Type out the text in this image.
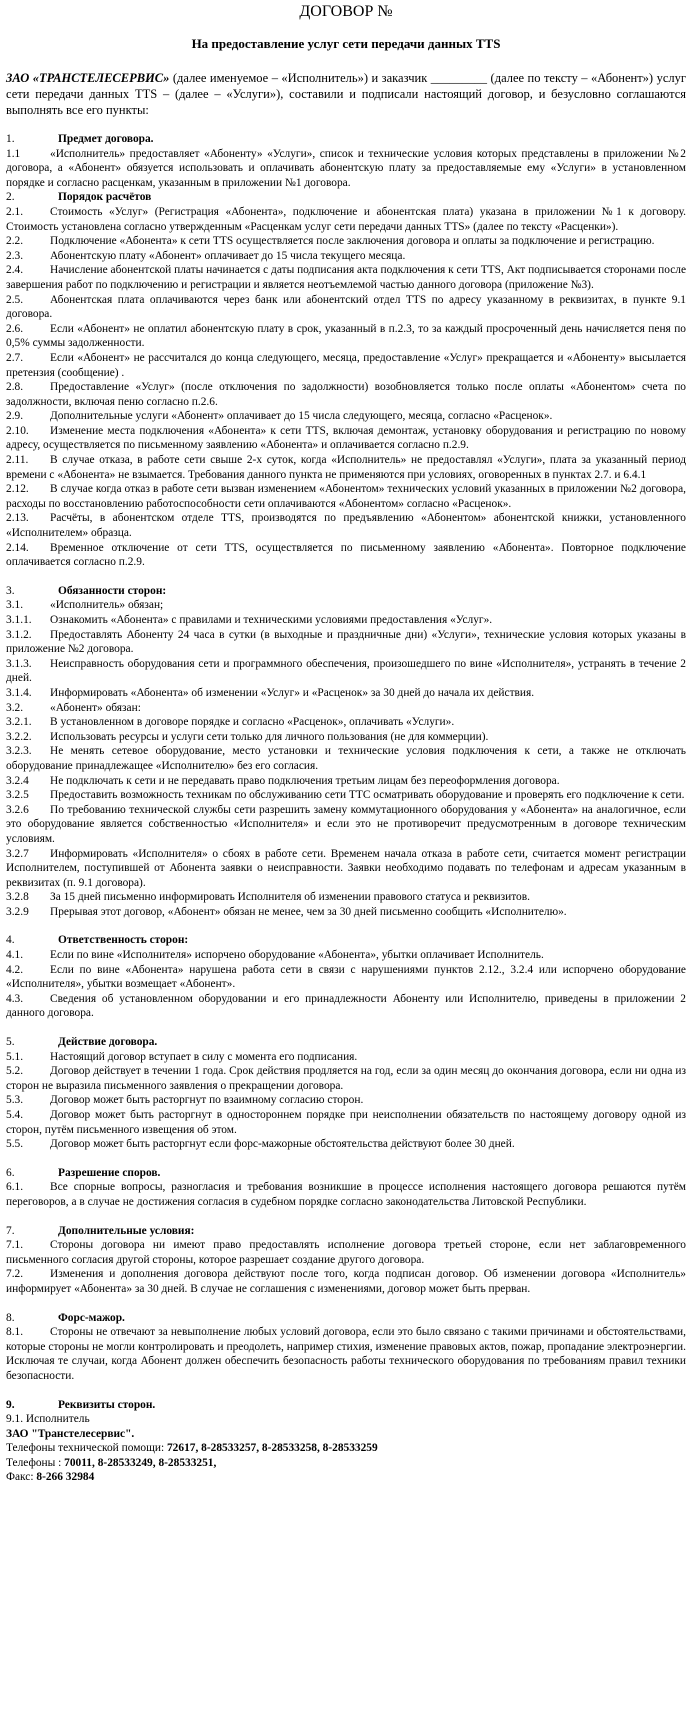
ДОГОВОР №
На предоставление услуг сети передачи данных TTS

ЗАО «ТРАНСТЕЛЕСЕРВИС» (далее именуемое – «Исполнитель») и заказчик _________ (далее по тексту – «Абонент») услуг сети передачи данных TTS – (далее – «Услуги»), составили и подписали настоящий договор, и безусловно соглашаются выполнять все его пункты:

1.	Предмет договора.

1.1	«Исполнитель» предоставляет «Абоненту» «Услуги», список и технические условия которых представлены в приложении №2 договора, а «Абонент» обязуется использовать и оплачивать абонентскую плату за предоставляемые ему «Услуги» в установленном порядке и согласно расценкам, указанным в приложении №1 договора.

2.	Порядок расчётов

2.1. Стоимость «Услуг» (Регистрация «Абонента», подключение и абонентская плата) указана в приложении №1 к договору. Стоимость установлена согласно утвержденным «Расценкам услуг сети передачи данных TTS» (далее по тексту «Расценки»).

2.2. Подключение «Абонента» к сети TTS осуществляется после заключения договора и оплаты за подключение и регистрацию.

2.3. Абонентскую плату «Абонент» оплачивает до 15 числа текущего месяца.

2.4. Начисление абонентской платы начинается с даты подписания акта подключения к сети TTS, Акт подписывается сторонами после завершения работ по подключению и регистрации и является неотъемлемой частью данного договора (приложение №3).

2.5. Абонентская плата оплачиваются через банк или абонентский отдел TTS по адресу указанному в реквизитах, в пункте 9.1 договора.

2.6. Если «Абонент» не оплатил абонентскую плату в срок, указанный в п.2.3, то за каждый просроченный день начисляется пеня по 0,5% суммы задолженности.

2.7. Если «Абонент» не рассчитался до конца следующего, месяца, предоставление «Услуг» прекращается и «Абоненту» высылается претензия (сообщение) .

2.8. Предоставление «Услуг» (после отключения по задолжности) возобновляется только после оплаты «Абонентом» счета по задолжности, включая пеню согласно п.2.6.

2.9. Дополнительные услуги «Абонент» оплачивает до 15 числа следующего, месяца, согласно «Расценок».

2.10. Изменение места подключения «Абонента» к сети TTS, включая демонтаж, установку оборудования и регистрацию по новому адресу, осуществляется по письменному заявлению «Абонента» и оплачивается согласно п.2.9.

2.11. В случае отказа, в работе сети свыше 2-х суток, когда «Исполнитель» не предоставлял «Услуги», плата за указанный период времени с «Абонента» не взымается. Требования данного пункта не применяются при условиях, оговоренных в пунктах 2.7. и 6.4.1

2.12. В случае когда отказ в работе сети вызван изменением «Абонентом» технических условий указанных в приложении №2 договора, расходы по восстановлению работоспособности сети оплачиваются «Абонентом» согласно «Расценок».

2.13. Расчёты, в абонентском отделе TTS, производятся по предъявлению «Абонентом» абонентской книжки, установленного «Исполнителем» образца.

2.14. Временное отключение от сети TTS, осуществляется по письменному заявлению «Абонента». Повторное подключение оплачивается согласно п.2.9.

3.	Обязанности сторон:

3.1. «Исполнитель» обязан;

3.1.1. Ознакомить «Абонента» с правилами и техническими условиями предоставления «Услуг».

3.1.2. Предоставлять Абоненту 24 часа в сутки (в выходные и праздничные дни) «Услуги», технические условия которых указаны в приложение №2 договора.

3.1.3. Неисправность оборудования сети и программного обеспечения, произошедшего по вине «Исполнителя», устранять в течение 2 дней.

3.1.4. Информировать «Абонента» об изменении «Услуг» и «Расценок» за 30 дней до начала их действия.

3.2. «Абонент» обязан:

3.2.1. В установленном в договоре порядке и согласно «Расценок», оплачивать «Услуги».

3.2.2. Использовать ресурсы и услуги сети только для личного пользования (не для коммерции).

3.2.3. Не менять сетевое оборудование, место установки и технические условия подключения к сети, а также не отключать оборудование принадлежащее «Исполнителю» без его согласия.

3.2.4 Не подключать к сети и не передавать право подключения третьим лицам без переоформления договора.

3.2.5 Предоставить возможность техникам по обслуживанию сети ТТС осматривать оборудование и проверять его подключение к сети.

3.2.6 По требованию технической службы сети разрешить замену коммутационного оборудования у «Абонента» на аналогичное, если это оборудование является собственностью «Исполнителя» и если это не противоречит предусмотренным в договоре техническим условиям.

3.2.7 Информировать «Исполнителя» о сбоях в работе сети. Временем начала отказа в работе сети, считается момент регистрации Исполнителем, поступившей от Абонента заявки о неисправности. Заявки необходимо подавать по телефонам и адресам указанным в реквизитах (п. 9.1 договора).

3.2.8 За 15 дней письменно информировать Исполнителя об изменении правового статуса и реквизитов.

3.2.9 Прерывая этот договор, «Абонент» обязан не менее, чем за 30 дней письменно сообщить «Исполнителю».

4.	Ответственность сторон:

4.1. Если по вине «Исполнителя» испорчено оборудование «Абонента», убытки оплачивает Исполнитель.

4.2. Если по вине «Абонента» нарушена работа сети в связи с нарушениями пунктов 2.12., 3.2.4 или испорчено оборудование «Исполнителя», убытки возмещает «Абонент».

4.3. Сведения об установленном оборудовании и его принадлежности Абоненту или Исполнителю, приведены в приложении 2 данного договора.

5.	Действие договора.

5.1. Настоящий договор вступает в силу с момента его подписания.

5.2. Договор действует в течении 1 года. Срок действия продляется на год, если за один месяц до окончания договора, если ни одна из сторон не выразила письменного заявления о прекращении договора.

5.3. Договор может быть расторгнут по взаимному согласию сторон.

5.4. Договор может быть расторгнут в одностороннем порядке при неисполнении обязательств по настоящему договору одной из сторон, путём письменного извещения об этом.

5.5. Договор может быть расторгнут если форс-мажорные обстоятельства действуют более 30 дней.

6.	Разрешение споров.

6.1. Все спорные вопросы, разногласия и требования возникшие в процессе исполнения настоящего договора решаются путём переговоров, а в случае не достижения согласия в судебном порядке согласно законодательства Литовской Республики.

7.	Дополнительные условия:

7.1. Стороны договора ни имеют право предоставлять исполнение договора третьей стороне, если нет заблаговременного письменного согласия другой стороны, которое разрешает создание другого договора.

7.2. Изменения и дополнения договора действуют после того, когда подписан договор. Об изменении договора «Исполнитель» информирует «Абонента» за 30 дней. В случае не соглашения с изменениями, договор может быть прерван.

8.	Форс-мажор.

8.1. Стороны не отвечают за невыполнение любых условий договора, если это было связано с такими причинами и обстоятельствами, которые стороны не могли контролировать и преодолеть, например стихия, изменение правовых актов, пожар, пропадание электроэнергии. Исключая те случаи, когда Абонент должен обеспечить безопасность работы технического оборудования по требованиям правил техники безопасности.

9.	Реквизиты сторон.
9.1. Исполнитель
ЗАО "Транстелесервис".
Телефоны технической помощи: 72617, 8-28533257, 8-28533258, 8-28533259
Телефоны : 70011, 8-28533249, 8-28533251,
Факс: 8-266 32984
